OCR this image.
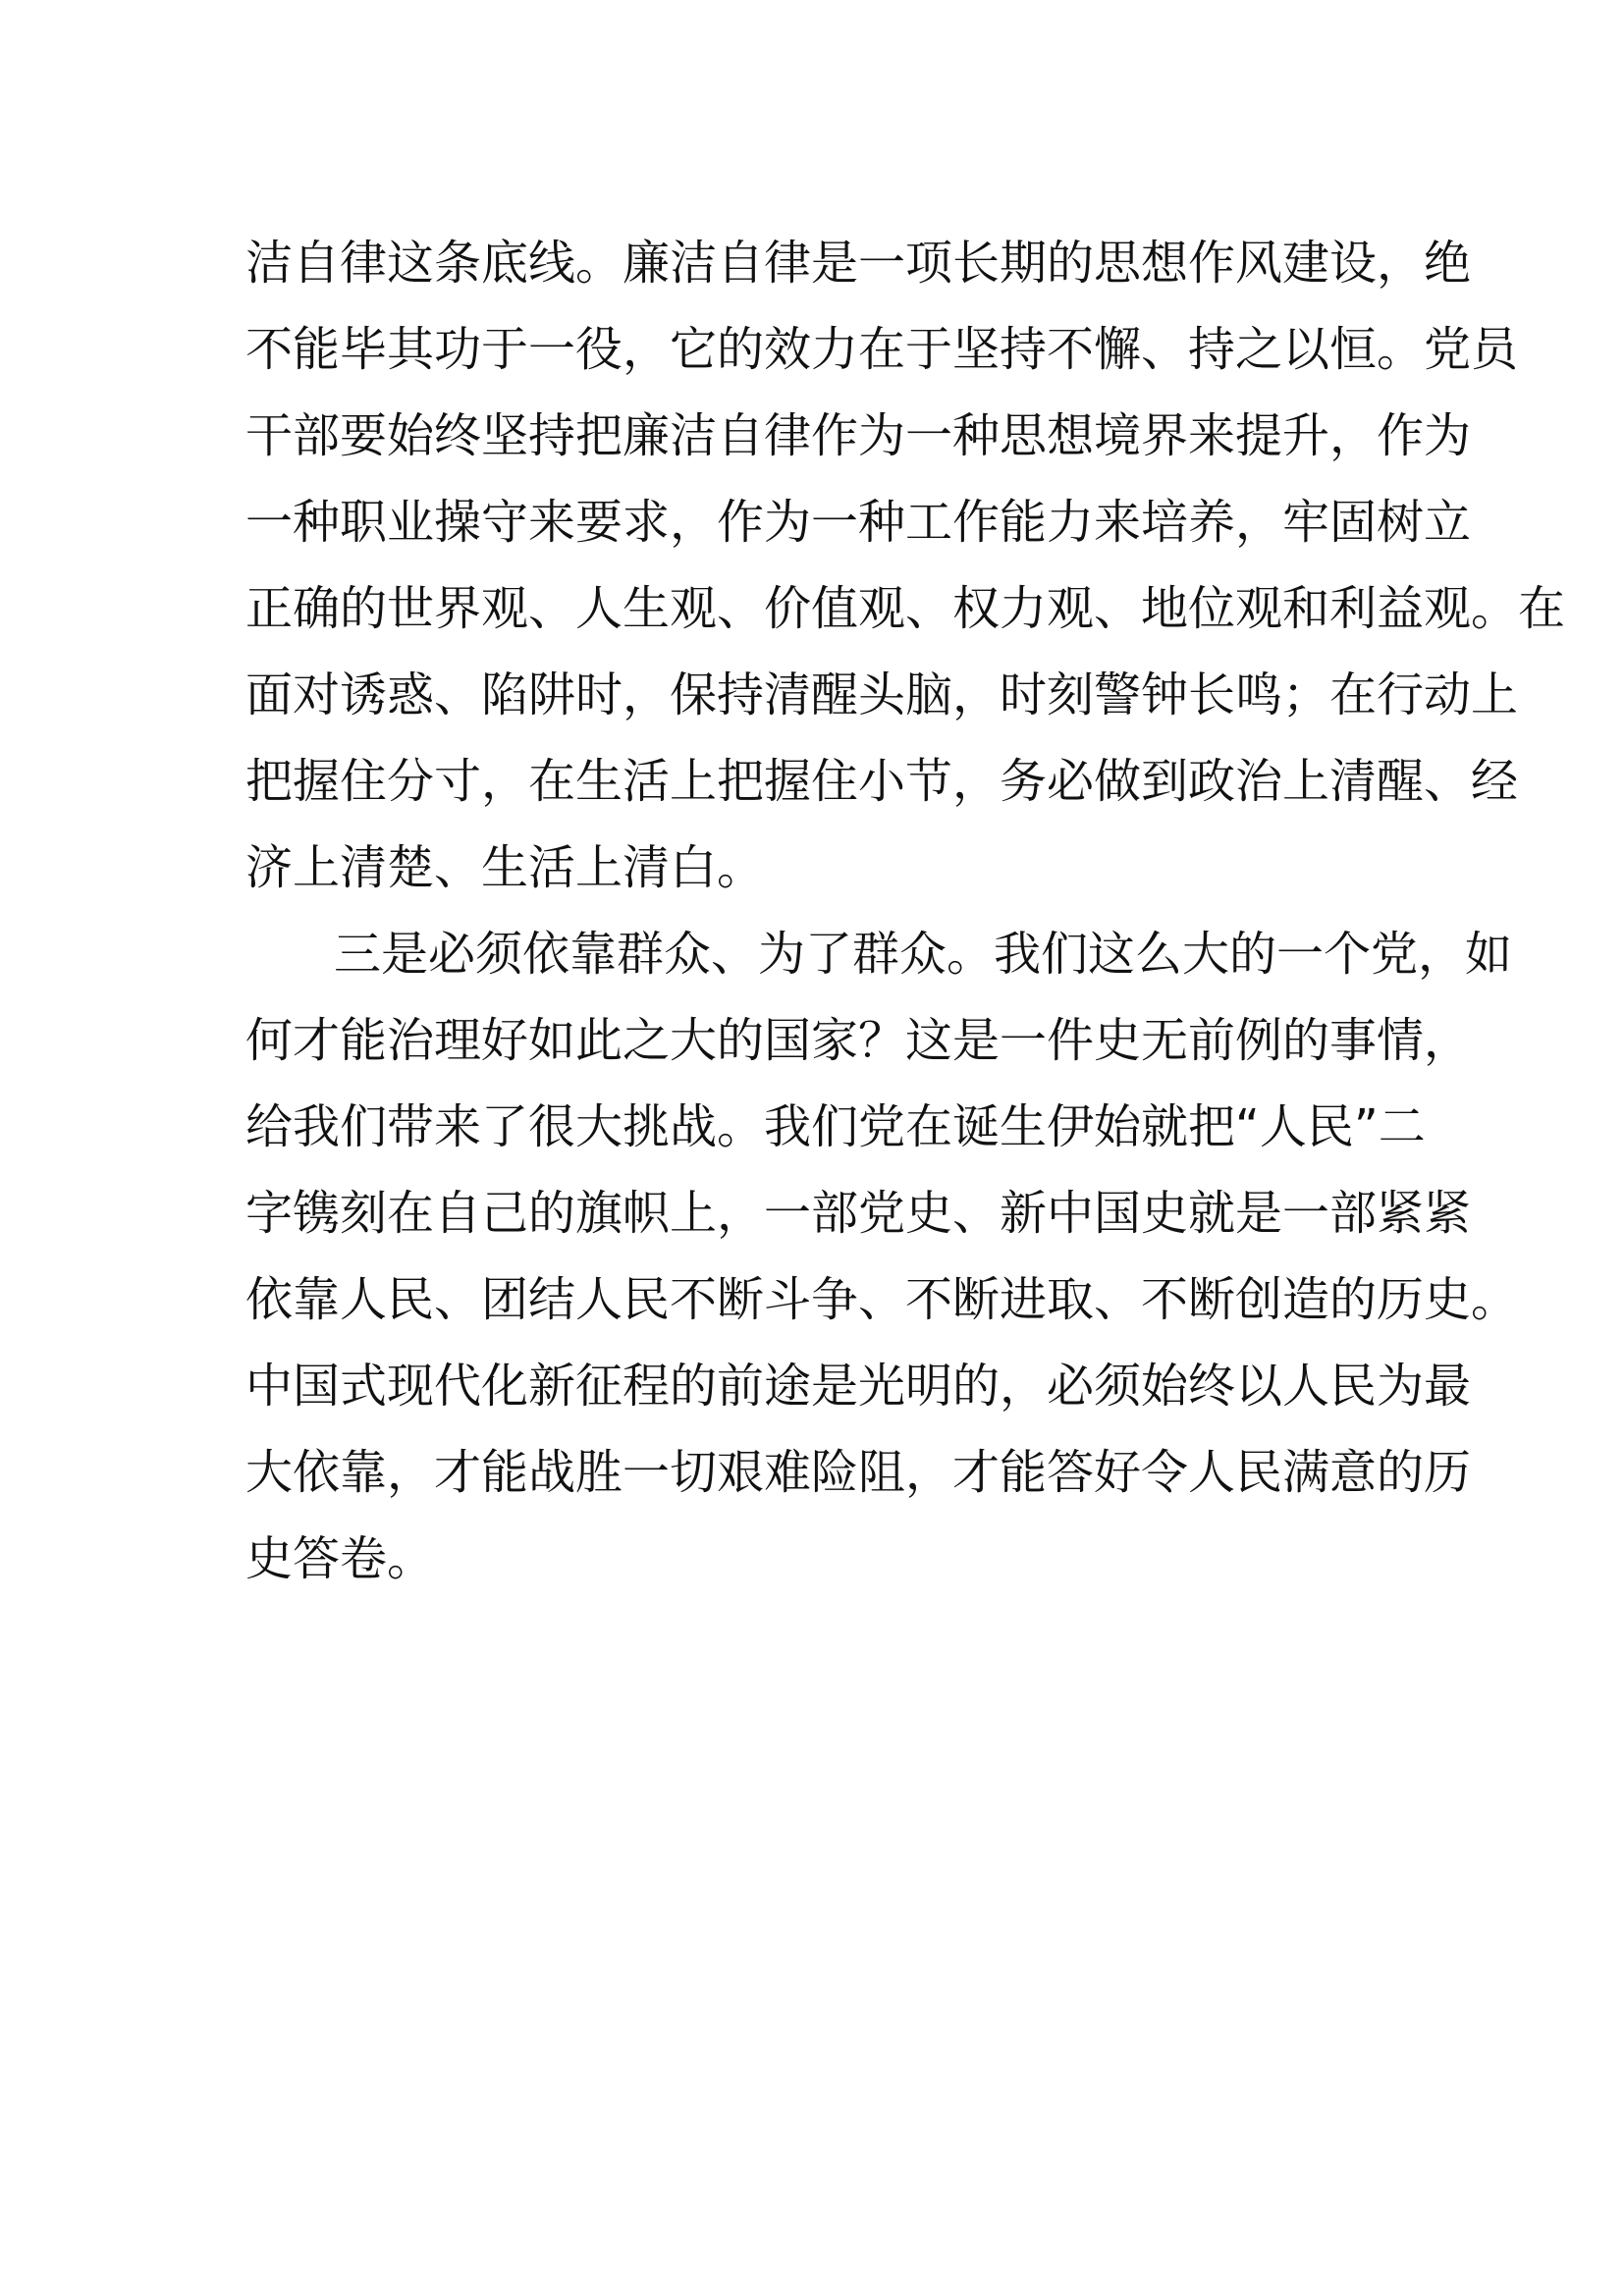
洁自律这条底线。廉洁自律是一项长期的思想作风建设，绝
不能毕其功于一役，它的效力在于坚持不懈、持之以恒。党员
干部要始终坚持把廉洁自律作为一种思想境界来提升，作为
一种职业操守来要求，作为一种工作能力来培养，牢固树立
正确的世界观、人生观、价值观、权力观、地位观和利益观。在
面对诱惑、陷阱时，保持清醒头脑，时刻警钟长鸣；在行动上
把握住分寸，在生活上把握住小节，务必做到政治上清醒、经
济上清楚、生活上清白。
三是必须依靠群众、为了群众。我们这么大的一个党，如
何才能治理好如此之大的国家？这是一件史无前例的事情，
给我们带来了很大挑战。我们党在诞生伊始就把“人民”二
字镌刻在自己的旗帜上，一部党史、新中国史就是一部紧紧
依靠人民、团结人民不断斗争、不断进取、不断创造的历史。
中国式现代化新征程的前途是光明的，必须始终以人民为最
大依靠，才能战胜一切艰难险阻，才能答好令人民满意的历
史答卷。
